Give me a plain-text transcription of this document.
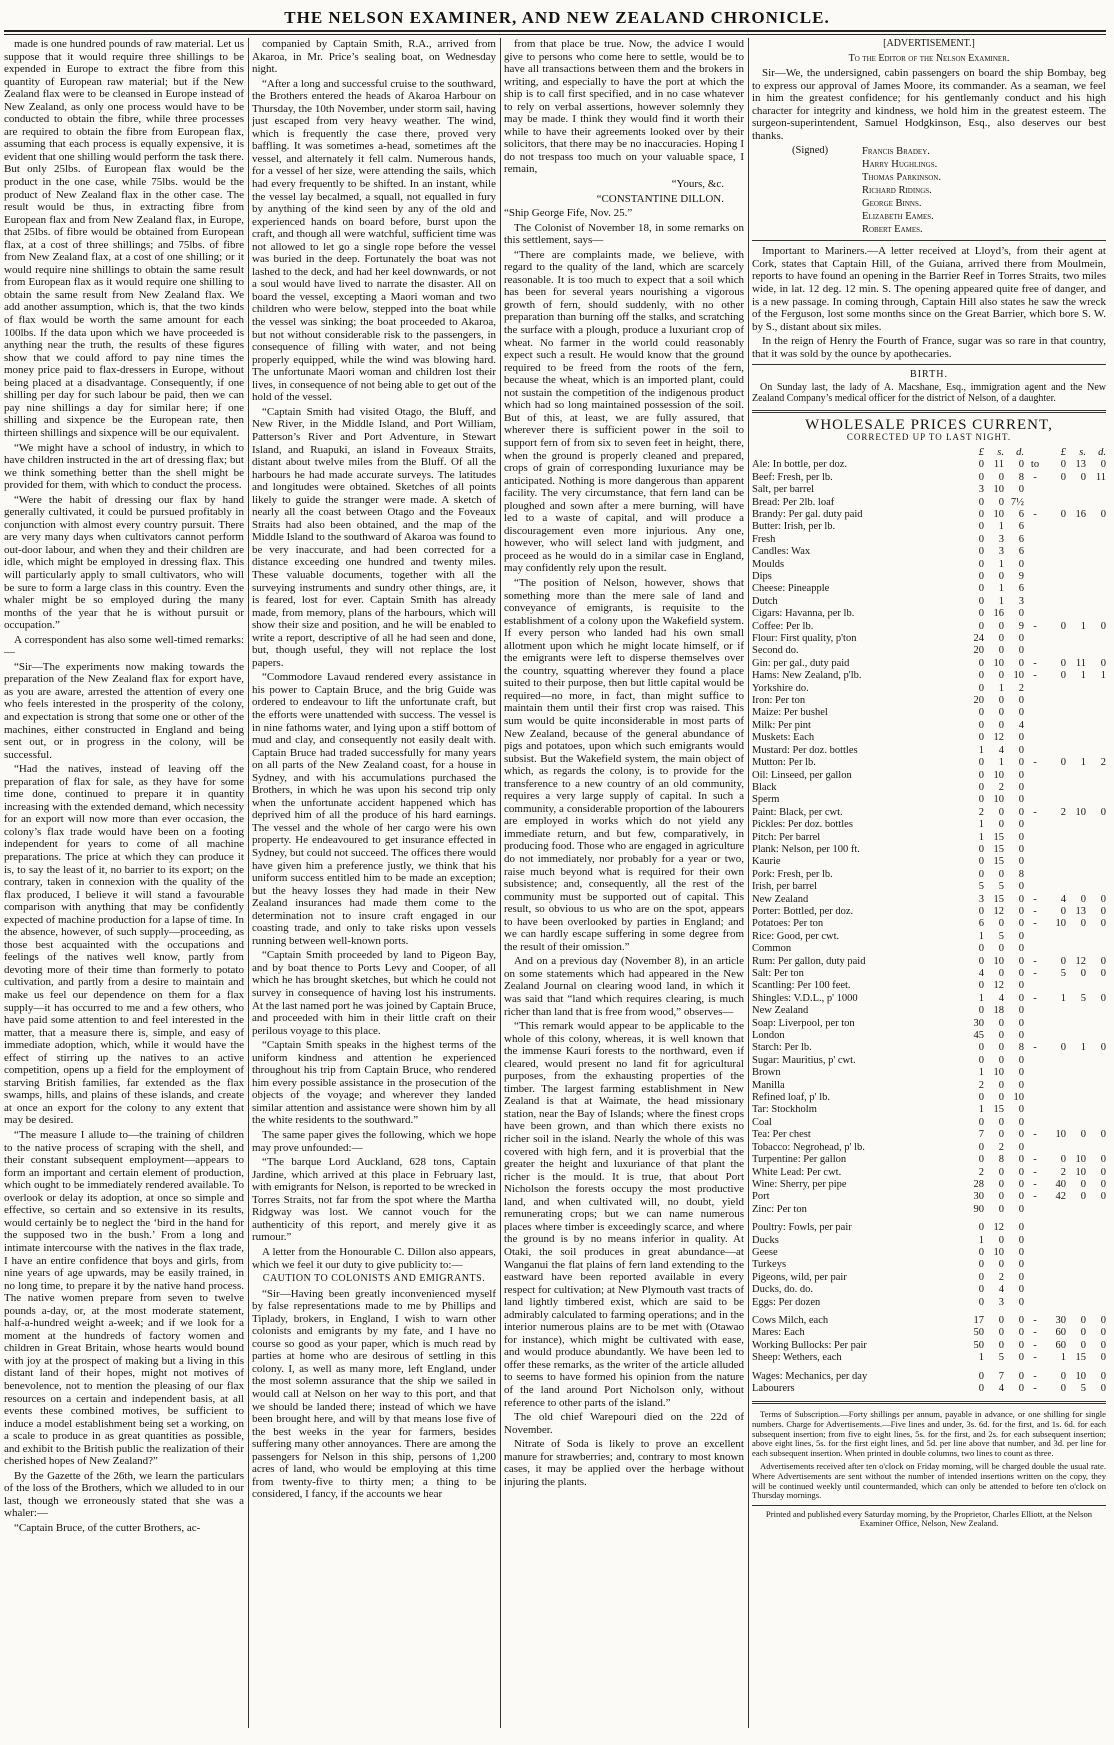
THE NELSON EXAMINER, AND NEW ZEALAND CHRONICLE.

made is one hundred pounds of raw material. Let us suppose that it would require three shillings to be expended in Europe to extract the fibre from this quantity of European raw material; but if the New Zealand flax were to be cleansed in Europe instead of New Zealand, as only one process would have to be conducted to obtain the fibre, while three processes are required to obtain the fibre from European flax, assuming that each process is equally expensive, it is evident that one shilling would perform the task there. But only 25lbs. of European flax would be the product in the one case, while 75lbs. would be the product of New Zealand flax in the other case. The result would be thus, in extracting fibre from European flax and from New Zealand flax, in Europe, that 25lbs. of fibre would be obtained from European flax, at a cost of three shillings; and 75lbs. of fibre from New Zealand flax, at a cost of one shilling; or it would require nine shillings to obtain the same result from European flax as it would require one shilling to obtain the same result from New Zealand flax. We add another assumption, which is, that the two kinds of flax would be worth the same amount for each 100lbs. If the data upon which we have proceeded is anything near the truth, the results of these figures show that we could afford to pay nine times the money price paid to flax-dressers in Europe, without being placed at a disadvantage. Consequently, if one shilling per day for such labour be paid, then we can pay nine shillings a day for similar here; if one shilling and sixpence be the European rate, then thirteen shillings and sixpence will be our equivalent.

“We might have a school of industry, in which to have children instructed in the art of dressing flax; but we think something better than the shell might be provided for them, with which to conduct the process.

“Were the habit of dressing our flax by hand generally cultivated, it could be pursued profitably in conjunction with almost every country pursuit. There are very many days when cultivators cannot perform out-door labour, and when they and their children are idle, which might be employed in dressing flax. This will particularly apply to small cultivators, who will be sure to form a large class in this country. Even the whaler might be so employed during the many months of the year that he is without pursuit or occupation.”

A correspondent has also some well-timed remarks:—

“Sir—The experiments now making towards the preparation of the New Zealand flax for export have, as you are aware, arrested the attention of every one who feels interested in the prosperity of the colony, and expectation is strong that some one or other of the machines, either constructed in England and being sent out, or in progress in the colony, will be successful.

“Had the natives, instead of leaving off the preparation of flax for sale, as they have for some time done, continued to prepare it in quantity increasing with the extended demand, which necessity for an export will now more than ever occasion, the colony’s flax trade would have been on a footing independent for years to come of all machine preparations. The price at which they can produce it is, to say the least of it, no barrier to its export; on the contrary, taken in connexion with the quality of the flax produced, I believe it will stand a favourable comparison with anything that may be confidently expected of machine production for a lapse of time. In the absence, however, of such supply—proceeding, as those best acquainted with the occupations and feelings of the natives well know, partly from devoting more of their time than formerly to potato cultivation, and partly from a desire to maintain and make us feel our dependence on them for a flax supply—it has occurred to me and a few others, who have paid some attention to and feel interested in the matter, that a measure there is, simple, and easy of immediate adoption, which, while it would have the effect of stirring up the natives to an active competition, opens up a field for the employment of starving British families, far extended as the flax swamps, hills, and plains of these islands, and create at once an export for the colony to any extent that may be desired.

“The measure I allude to—the training of children to the native process of scraping with the shell, and their constant subsequent employment—appears to form an important and certain element of production, which ought to be immediately rendered available. To overlook or delay its adoption, at once so simple and effective, so certain and so extensive in its results, would certainly be to neglect the ‘bird in the hand for the supposed two in the bush.’ From a long and intimate intercourse with the natives in the flax trade, I have an entire confidence that boys and girls, from nine years of age upwards, may be easily trained, in no long time, to prepare it by the native hand process. The native women prepare from seven to twelve pounds a-day, or, at the most moderate statement, half-a-hundred weight a-week; and if we look for a moment at the hundreds of factory women and children in Great Britain, whose hearts would bound with joy at the prospect of making but a living in this distant land of their hopes, might not motives of benevolence, not to mention the pleasing of our flax resources on a certain and independent basis, at all events these combined motives, be sufficient to induce a model establishment being set a working, on a scale to produce in as great quantities as possible, and exhibit to the British public the realization of their cherished hopes of New Zealand?”

By the Gazette of the 26th, we learn the particulars of the loss of the Brothers, which we alluded to in our last, though we erroneously stated that she was a whaler:—

“Captain Bruce, of the cutter Brothers, ac-

companied by Captain Smith, R.A., arrived from Akaroa, in Mr. Price’s sealing boat, on Wednesday night.

“After a long and successful cruise to the southward, the Brothers entered the heads of Akaroa Harbour on Thursday, the 10th November, under storm sail, having just escaped from very heavy weather. The wind, which is frequently the case there, proved very baffling. It was sometimes a-head, sometimes aft the vessel, and alternately it fell calm. Numerous hands, for a vessel of her size, were attending the sails, which had every frequently to be shifted. In an instant, while the vessel lay becalmed, a squall, not equalled in fury by anything of the kind seen by any of the old and experienced hands on board before, burst upon the craft, and though all were watchful, sufficient time was not allowed to let go a single rope before the vessel was buried in the deep. Fortunately the boat was not lashed to the deck, and had her keel downwards, or not a soul would have lived to narrate the disaster. All on board the vessel, excepting a Maori woman and two children who were below, stepped into the boat while the vessel was sinking; the boat proceeded to Akaroa, but not without considerable risk to the passengers, in consequence of filling with water, and not being properly equipped, while the wind was blowing hard. The unfortunate Maori woman and children lost their lives, in consequence of not being able to get out of the hold of the vessel.

“Captain Smith had visited Otago, the Bluff, and New River, in the Middle Island, and Port William, Patterson’s River and Port Adventure, in Stewart Island, and Ruapuki, an island in Foveaux Straits, distant about twelve miles from the Bluff. Of all the harbours he had made accurate surveys. The latitudes and longitudes were obtained. Sketches of all points likely to guide the stranger were made. A sketch of nearly all the coast between Otago and the Foveaux Straits had also been obtained, and the map of the Middle Island to the southward of Akaroa was found to be very inaccurate, and had been corrected for a distance exceeding one hundred and twenty miles. These valuable documents, together with all the surveying instruments and sundry other things, are, it is feared, lost for ever. Captain Smith has already made, from memory, plans of the harbours, which will show their size and position, and he will be enabled to write a report, descriptive of all he had seen and done, but, though useful, they will not replace the lost papers.

“Commodore Lavaud rendered every assistance in his power to Captain Bruce, and the brig Guide was ordered to endeavour to lift the unfortunate craft, but the efforts were unattended with success. The vessel is in nine fathoms water, and lying upon a stiff bottom of mud and clay, and consequently not easily dealt with. Captain Bruce had traded successfully for many years on all parts of the New Zealand coast, for a house in Sydney, and with his accumulations purchased the Brothers, in which he was upon his second trip only when the unfortunate accident happened which has deprived him of all the produce of his hard earnings. The vessel and the whole of her cargo were his own property. He endeavoured to get insurance effected in Sydney, but could not succeed. The offices there would have given him a preference justly, we think that his uniform success entitled him to be made an exception; but the heavy losses they had made in their New Zealand insurances had made them come to the determination not to insure craft engaged in our coasting trade, and only to take risks upon vessels running between well-known ports.

“Captain Smith proceeded by land to Pigeon Bay, and by boat thence to Ports Levy and Cooper, of all which he has brought sketches, but which he could not survey in consequence of having lost his instruments. At the last named port he was joined by Captain Bruce, and proceeded with him in their little craft on their perilous voyage to this place.

“Captain Smith speaks in the highest terms of the uniform kindness and attention he experienced throughout his trip from Captain Bruce, who rendered him every possible assistance in the prosecution of the objects of the voyage; and wherever they landed similar attention and assistance were shown him by all the white residents to the southward.”

The same paper gives the following, which we hope may prove unfounded:—

“The barque Lord Auckland, 628 tons, Captain Jardine, which arrived at this place in February last, with emigrants for Nelson, is reported to be wrecked in Torres Straits, not far from the spot where the Martha Ridgway was lost. We cannot vouch for the authenticity of this report, and merely give it as rumour.”

A letter from the Honourable C. Dillon also appears, which we feel it our duty to give publicity to:—

CAUTION TO COLONISTS AND EMIGRANTS.

“Sir—Having been greatly inconvenienced myself by false representations made to me by Phillips and Tiplady, brokers, in England, I wish to warn other colonists and emigrants by my fate, and I have no course so good as your paper, which is much read by parties at home who are desirous of settling in this colony. I, as well as many more, left England, under the most solemn assurance that the ship we sailed in would call at Nelson on her way to this port, and that we should be landed there; instead of which we have been brought here, and will by that means lose five of the best weeks in the year for farmers, besides suffering many other annoyances. There are among the passengers for Nelson in this ship, persons of 1,200 acres of land, who would be employing at this time from twenty-five to thirty men; a thing to be considered, I fancy, if the accounts we hear

from that place be true. Now, the advice I would give to persons who come here to settle, would be to have all transactions between them and the brokers in writing, and especially to have the port at which the ship is to call first specified, and in no case whatever to rely on verbal assertions, however solemnly they may be made. I think they would find it worth their while to have their agreements looked over by their solicitors, that there may be no inaccuracies. Hoping I do not trespass too much on your valuable space, I remain,

“Yours, &c.

“CONSTANTINE DILLON.

“Ship George Fife, Nov. 25.”

The Colonist of November 18, in some remarks on this settlement, says—

“There are complaints made, we believe, with regard to the quality of the land, which are scarcely reasonable. It is too much to expect that a soil which has been for several years nourishing a vigorous growth of fern, should suddenly, with no other preparation than burning off the stalks, and scratching the surface with a plough, produce a luxuriant crop of wheat. No farmer in the world could reasonably expect such a result. He would know that the ground required to be freed from the roots of the fern, because the wheat, which is an imported plant, could not sustain the competition of the indigenous product which had so long maintained possession of the soil. But of this, at least, we are fully assured, that wherever there is sufficient power in the soil to support fern of from six to seven feet in height, there, when the ground is properly cleaned and prepared, crops of grain of corresponding luxuriance may be anticipated. Nothing is more dangerous than apparent facility. The very circumstance, that fern land can be ploughed and sown after a mere burning, will have led to a waste of capital, and will produce a discouragement even more injurious. Any one, however, who will select land with judgment, and proceed as he would do in a similar case in England, may confidently rely upon the result.

“The position of Nelson, however, shows that something more than the mere sale of land and conveyance of emigrants, is requisite to the establishment of a colony upon the Wakefield system. If every person who landed had his own small allotment upon which he might locate himself, or if the emigrants were left to disperse themselves over the country, squatting wherever they found a place suited to their purpose, then but little capital would be required—no more, in fact, than might suffice to maintain them until their first crop was raised. This sum would be quite inconsiderable in most parts of New Zealand, because of the general abundance of pigs and potatoes, upon which such emigrants would subsist. But the Wakefield system, the main object of which, as regards the colony, is to provide for the transference to a new country of an old community, requires a very large supply of capital. In such a community, a considerable proportion of the labourers are employed in works which do not yield any immediate return, and but few, comparatively, in producing food. Those who are engaged in agriculture do not immediately, nor probably for a year or two, raise much beyond what is required for their own subsistence; and, consequently, all the rest of the community must be supported out of capital. This result, so obvious to us who are on the spot, appears to have been overlooked by parties in England; and we can hardly escape suffering in some degree from the result of their omission.”

And on a previous day (November 8), in an article on some statements which had appeared in the New Zealand Journal on clearing wood land, in which it was said that “land which requires clearing, is much richer than land that is free from wood,” observes—

“This remark would appear to be applicable to the whole of this colony, whereas, it is well known that the immense Kauri forests to the northward, even if cleared, would present no land fit for agricultural purposes, from the exhausting properties of the timber. The largest farming establishment in New Zealand is that at Waimate, the head missionary station, near the Bay of Islands; where the finest crops have been grown, and than which there exists no richer soil in the island. Nearly the whole of this was covered with high fern, and it is proverbial that the greater the height and luxuriance of that plant the richer is the mould. It is true, that about Port Nicholson the forests occupy the most productive land, and when cultivated will, no doubt, yield remunerating crops; but we can name numerous places where timber is exceedingly scarce, and where the ground is by no means inferior in quality. At Otaki, the soil produces in great abundance—at Wanganui the flat plains of fern land extending to the eastward have been reported available in every respect for cultivation; at New Plymouth vast tracts of land lightly timbered exist, which are said to be admirably calculated to farming operations; and in the interior numerous plains are to be met with (Otawao for instance), which might be cultivated with ease, and would produce abundantly. We have been led to offer these remarks, as the writer of the article alluded to seems to have formed his opinion from the nature of the land around Port Nicholson only, without reference to other parts of the island.”

The old chief Warepouri died on the 22d of November.

Nitrate of Soda is likely to prove an excellent manure for strawberries; and, contrary to most known cases, it may be applied over the herbage without injuring the plants.

[ADVERTISEMENT.]

To the Editor of the Nelson Examiner.

Sir—We, the undersigned, cabin passengers on board the ship Bombay, beg to express our approval of James Moore, its commander. As a seaman, we feel in him the greatest confidence; for his gentlemanly conduct and his high character for integrity and kindness, we hold him in the greatest esteem. The surgeon-superintendent, Samuel Hodgkinson, Esq., also deserves our best thanks.

(Signed)	Francis Bradey.
Harry Hughlings.
Thomas Parkinson.
Richard Ridings.
George Binns.
Elizabeth Eames.
Robert Eames.

Important to Mariners.—A letter received at Lloyd’s, from their agent at Cork, states that Captain Hill, of the Guiana, arrived there from Moulmein, reports to have found an opening in the Barrier Reef in Torres Straits, two miles wide, in lat. 12 deg. 12 min. S. The opening appeared quite free of danger, and is a new passage. In coming through, Captain Hill also states he saw the wreck of the Ferguson, lost some months since on the Great Barrier, which bore S. W. by S., distant about six miles.

In the reign of Henry the Fourth of France, sugar was so rare in that country, that it was sold by the ounce by apothecaries.

BIRTH.
On Sunday last, the lady of A. Macshane, Esq., immigration agent and the New Zealand Company’s medical officer for the district of Nelson, of a daughter.
WHOLESALE PRICES CURRENT,
CORRECTED UP TO LAST NIGHT.
£	s.	d.	£	s.	d.
Ale: In bottle, per doz.	0 11	0 to	0 13	0
Beef: Fresh, per lb.	0	0	8 -	0	0 11
Salt, per barrel	3 10	0
Bread: Per 2lb. loaf	0	0 7½
Brandy: Per gal. duty paid	0 10	6 -	0 16	0
Butter: Irish, per lb.	0	1	6
Fresh	0	3	6
Candles: Wax	0	3	6
Moulds	0	1	0
Dips	0	0	9
Cheese: Pineapple	0	1	6
Dutch	0	1	3
Cigars: Havanna, per lb.	0 16	0
Coffee: Per lb.	0	0	9 -	0	1	0
Flour: First quality, p'ton	24	0	0
Second do.	20	0	0
Gin: per gal., duty paid	0 10	0 -	0 11	0
Hams: New Zealand, p'lb.	0	0 10 -	0	1	1
Yorkshire do.	0	1	2
Iron: Per ton	20	0	0
Maize: Per bushel	0	0	0
Milk: Per pint	0	0	4
Muskets: Each	0 12	0
Mustard: Per doz. bottles	1	4	0
Mutton: Per lb.	0	1	0 -	0	1	2
Oil: Linseed, per gallon	0 10	0
Black	0	2	0
Sperm	0 10	0
Paint: Black, per cwt.	2	0	0 -	2 10	0
Pickles: Per doz. bottles	1	0	0
Pitch: Per barrel	1 15	0
Plank: Nelson, per 100 ft.	0 15	0
Kaurie	0 15	0
Pork: Fresh, per lb.	0	0	8
Irish, per barrel	5	5	0
New Zealand	3 15	0 -	4	0	0
Porter: Bottled, per doz.	0 12	0 -	0 13	0
Potatoes: Per ton	6	0	0 -	10	0	0
Rice: Good, per cwt.	1	5	0
Common	0	0	0
Rum: Per gallon, duty paid	0 10	0 -	0 12	0
Salt: Per ton	4	0	0 -	5	0	0
Scantling: Per 100 feet.	0 12	0
Shingles: V.D.L., p' 1000	1	4	0 -	1	5	0
New Zealand	0 18	0
Soap: Liverpool, per ton	30	0	0
London	45	0	0
Starch: Per lb.	0	0	8 -	0	1	0
Sugar: Mauritius, p' cwt.	0	0	0
Brown	1 10	0
Manilla	2	0	0
Refined loaf, p' lb.	0	0 10
Tar: Stockholm	1 15	0
Coal	0	0	0
Tea: Per chest	7	0	0 -	10	0	0
Tobacco: Negrohead, p' lb.	0	2	0
Turpentine: Per gallon	0	8	0 -	0 10	0
White Lead: Per cwt.	2	0	0 -	2 10	0
Wine: Sherry, per pipe	28	0	0 -	40	0	0
Port	30	0	0 -	42	0	0
Zinc: Per ton	90	0	0
Poultry: Fowls, per pair	0 12	0
Ducks	1	0	0
Geese	0 10	0
Turkeys	0	0	0
Pigeons, wild, per pair	0	2	0
Ducks, do. do.	0	4	0
Eggs: Per dozen	0	3	0
Cows Milch, each	17	0	0 -	30	0	0
Mares: Each	50	0	0 -	60	0	0
Working Bullocks: Per pair	50	0	0 -	60	0	0
Sheep: Wethers, each	1	5	0 -	1 15	0
Wages: Mechanics, per day	0	7	0 -	0 10	0
Labourers	0	4	0 -	0	5	0
Terms of Subscription.—Forty shillings per annum, payable in advance, or one shilling for single numbers. Charge for Advertisements.—Five lines and under, 3s. 6d. for the first, and 1s. 6d. for each subsequent insertion; from five to eight lines, 5s. for the first, and 2s. for each subsequent insertion; above eight lines, 5s. for the first eight lines, and 5d. per line above that number, and 3d. per line for each subsequent insertion. When printed in double columns, two lines to count as three.
Advertisements received after ten o'clock on Friday morning, will be charged double the usual rate. Where Advertisements are sent without the number of intended insertions written on the copy, they will be continued weekly until countermanded, which can only be attended to before ten o'clock on Thursday mornings.
Printed and published every Saturday morning, by the Proprietor, Charles Elliott, at the Nelson Examiner Office, Nelson, New Zealand.
